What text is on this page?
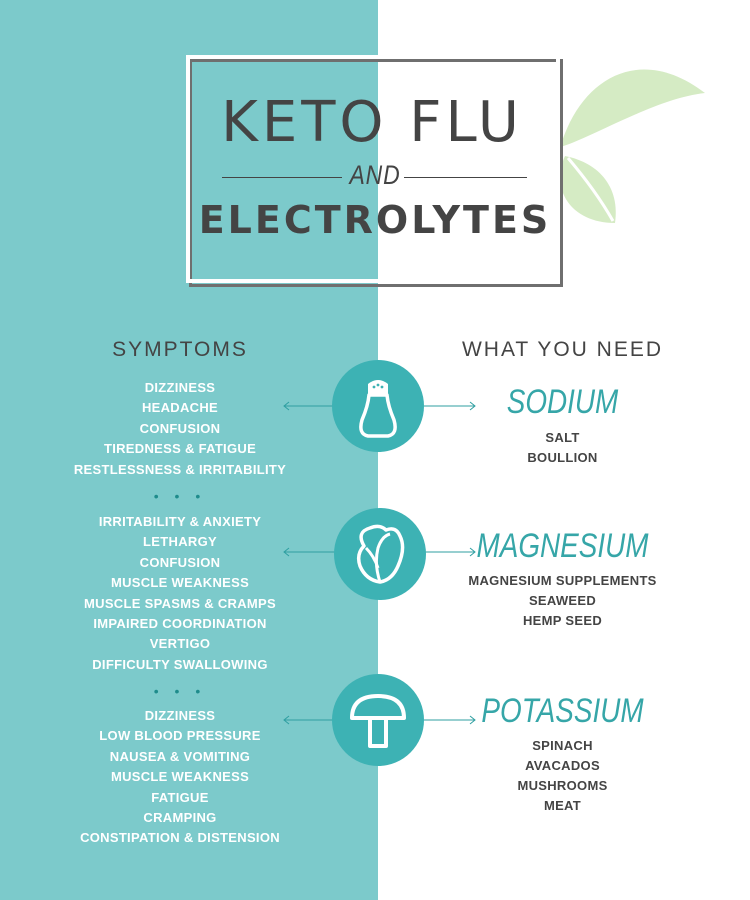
KETO FLU
AND
ELECTROLYTES
SYMPTOMS	WHAT YOU NEED
DIZZINESS
HEADACHE
CONFUSION
TIREDNESS & FATIGUE
RESTLESSNESS & IRRITABILITY
• • •
IRRITABILITY & ANXIETY
LETHARGY
CONFUSION
MUSCLE WEAKNESS
MUSCLE SPASMS & CRAMPS
IMPAIRED COORDINATION
VERTIGO
DIFFICULTY SWALLOWING
• • •
DIZZINESS
LOW BLOOD PRESSURE
NAUSEA & VOMITING
MUSCLE WEAKNESS
FATIGUE
CRAMPING
CONSTIPATION & DISTENSION
SODIUM
SALT
BOULLION
MAGNESIUM
MAGNESIUM SUPPLEMENTS
SEAWEED
HEMP SEED
POTASSIUM
SPINACH
AVACADOS
MUSHROOMS
MEAT
